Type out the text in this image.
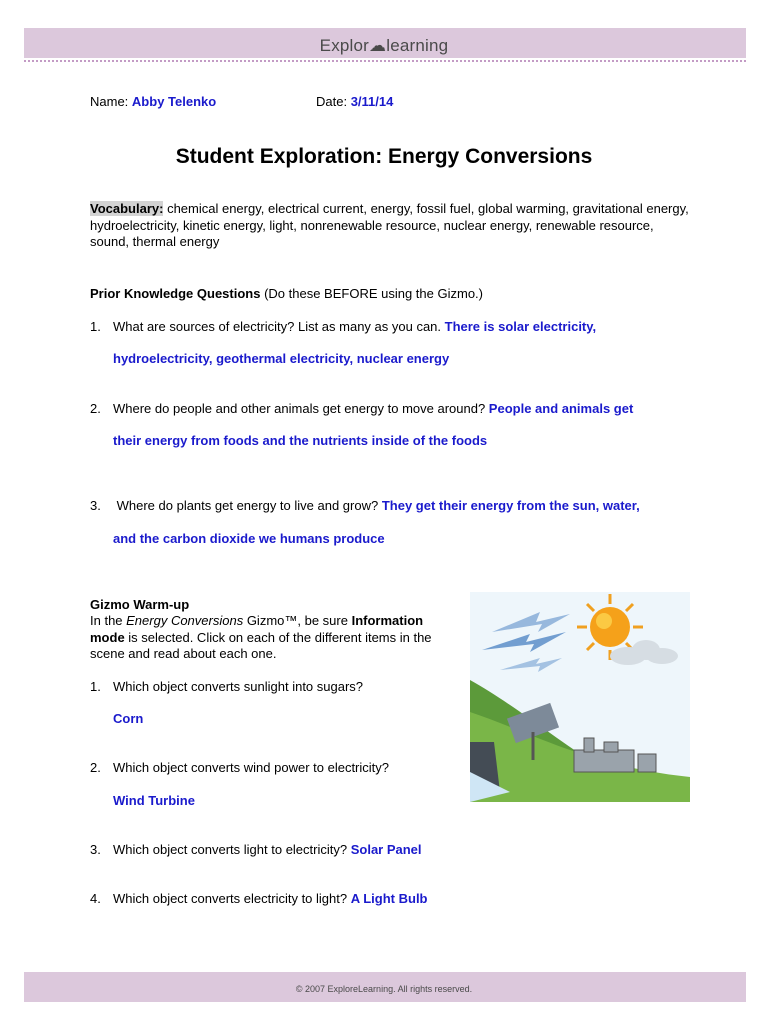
Explor☁learning
Name: Abby Telenko	Date: 3/11/14
Student Exploration: Energy Conversions
Vocabulary: chemical energy, electrical current, energy, fossil fuel, global warming, gravitational energy, hydroelectricity, kinetic energy, light, nonrenewable resource, nuclear energy, renewable resource, sound, thermal energy
Prior Knowledge Questions (Do these BEFORE using the Gizmo.)
1. What are sources of electricity? List as many as you can. There is solar electricity,
hydroelectricity, geothermal electricity, nuclear energy
2. Where do people and other animals get energy to move around? People and animals get
their energy from foods and the nutrients inside of the foods
3. Where do plants get energy to live and grow? They get their energy from the sun, water,
and the carbon dioxide we humans produce
Gizmo Warm-up
In the Energy Conversions Gizmo™, be sure Information
mode is selected. Click on each of the different items in the
scene and read about each one.
1. Which object converts sunlight into sugars?
Corn
2. Which object converts wind power to electricity?
Wind Turbine
3. Which object converts light to electricity? Solar Panel
4. Which object converts electricity to light? A Light Bulb
© 2007 ExploreLearning. All rights reserved.
